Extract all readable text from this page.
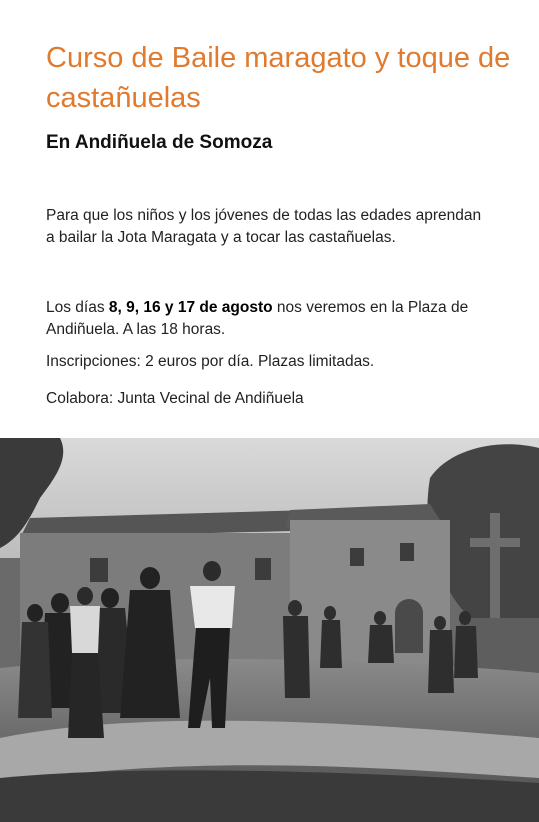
Curso de Baile maragato y toque de castañuelas
En Andiñuela de Somoza

Para que los niños y los jóvenes de todas las edades aprendan a bailar la Jota Maragata y a tocar las castañuelas.

Los días 8, 9, 16 y 17 de agosto nos veremos en la Plaza de Andiñuela. A las 18 horas.

Inscripciones: 2 euros por día. Plazas limitadas.

Colabora: Junta Vecinal de Andiñuela
